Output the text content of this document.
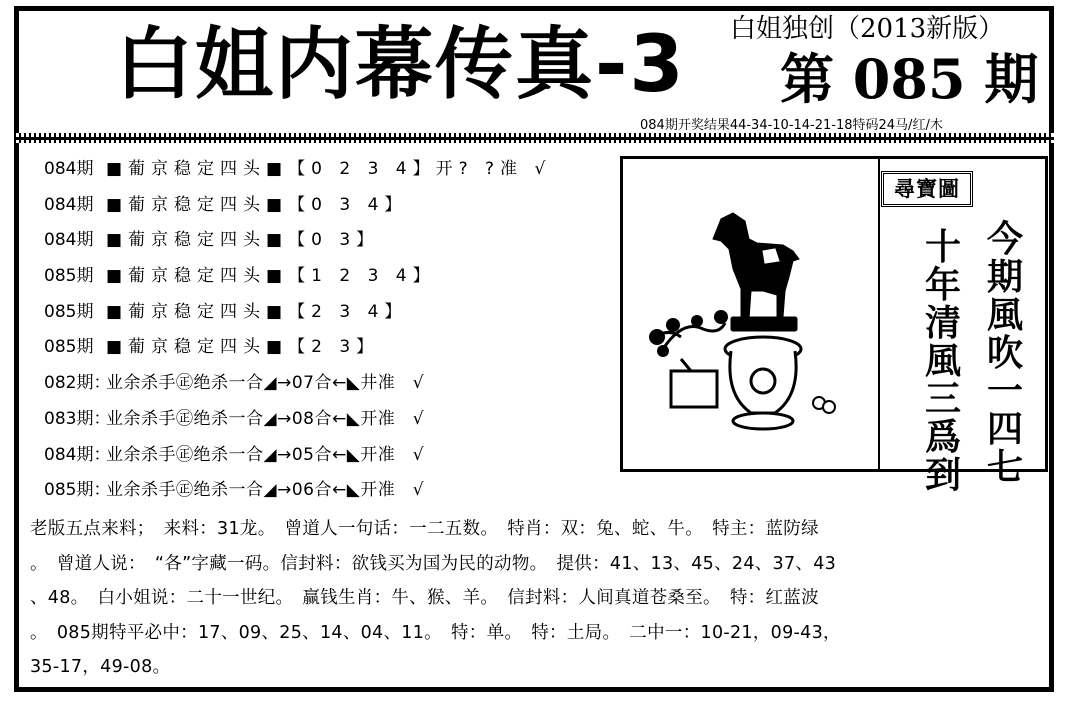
白姐内幕传真-3 白姐独创（2013新版）
第 085 期
084期开奖结果44-34-10-14-21-18特码24马/红/木
084期 ■葡京稳定四头■【0 2 3 4】开? ?准 √
084期 ■葡京稳定四头■【0 3 4】
084期 ■葡京稳定四头■【0 3】
085期 ■葡京稳定四头■【1 2 3 4】
085期 ■葡京稳定四头■【2 3 4】
085期 ■葡京稳定四头■【2 3】
082期：业余杀手㊣绝杀一合◢→07合←◣井准　√
083期：业余杀手㊣绝杀一合◢→08合←◣开准　√
084期：业余杀手㊣绝杀一合◢→05合←◣开准　√
085期：业余杀手㊣绝杀一合◢→06合←◣开准　√
尋寶圖
今期風吹一四七
十年清風三爲到
老版五点来料；　来料：31龙。　曾道人一句话：一二五数。　特肖：双：兔、蛇、牛。　特主：蓝防绿
。　曾道人说：　“各”字藏一码。信封料：欲钱买为国为民的动物。　提供：41、13、45、24、37、43
、48。　白小姐说：二十一世纪。　赢钱生肖：牛、猴、羊。　信封料：人间真道苍桑至。　特：红蓝波
。　085期特平必中：17、09、25、14、04、11。　特：单。　特：土局。　二中一：10-21，09-43，
35-17，49-08。
